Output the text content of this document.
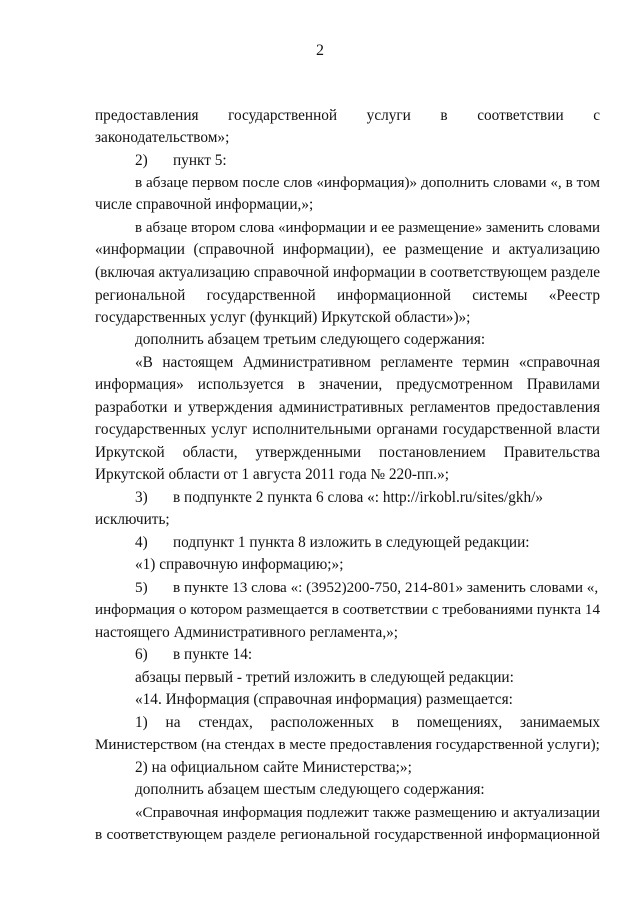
2
предоставления государственной услуги в соответствии с
законодательством»;
2) пункт 5:
в абзаце первом после слов «информация)» дополнить словами «, в том
числе справочной информации,»;
в абзаце втором слова «информации и ее размещение» заменить словами
«информации (справочной информации), ее размещение и актуализацию
(включая актуализацию справочной информации в соответствующем разделе
региональной государственной информационной системы «Реестр
государственных услуг (функций) Иркутской области»)»;
дополнить абзацем третьим следующего содержания:
«В настоящем Административном регламенте термин «справочная
информация» используется в значении, предусмотренном Правилами
разработки и утверждения административных регламентов предоставления
государственных услуг исполнительными органами государственной власти
Иркутской области, утвержденными постановлением Правительства
Иркутской области от 1 августа 2011 года № 220-пп.»;
3) в подпункте 2 пункта 6 слова «: http://irkobl.ru/sites/gkh/»
исключить;
4) подпункт 1 пункта 8 изложить в следующей редакции:
«1) справочную информацию;»;
5) в пункте 13 слова «: (3952)200-750, 214-801» заменить словами «,
информация о котором размещается в соответствии с требованиями пункта 14
настоящего Административного регламента,»;
6) в пункте 14:
абзацы первый - третий изложить в следующей редакции:
«14. Информация (справочная информация) размещается:
1) на стендах, расположенных в помещениях, занимаемых
Министерством (на стендах в месте предоставления государственной услуги);
2) на официальном сайте Министерства;»;
дополнить абзацем шестым следующего содержания:
«Справочная информация подлежит также размещению и актуализации
в соответствующем разделе региональной государственной информационной
